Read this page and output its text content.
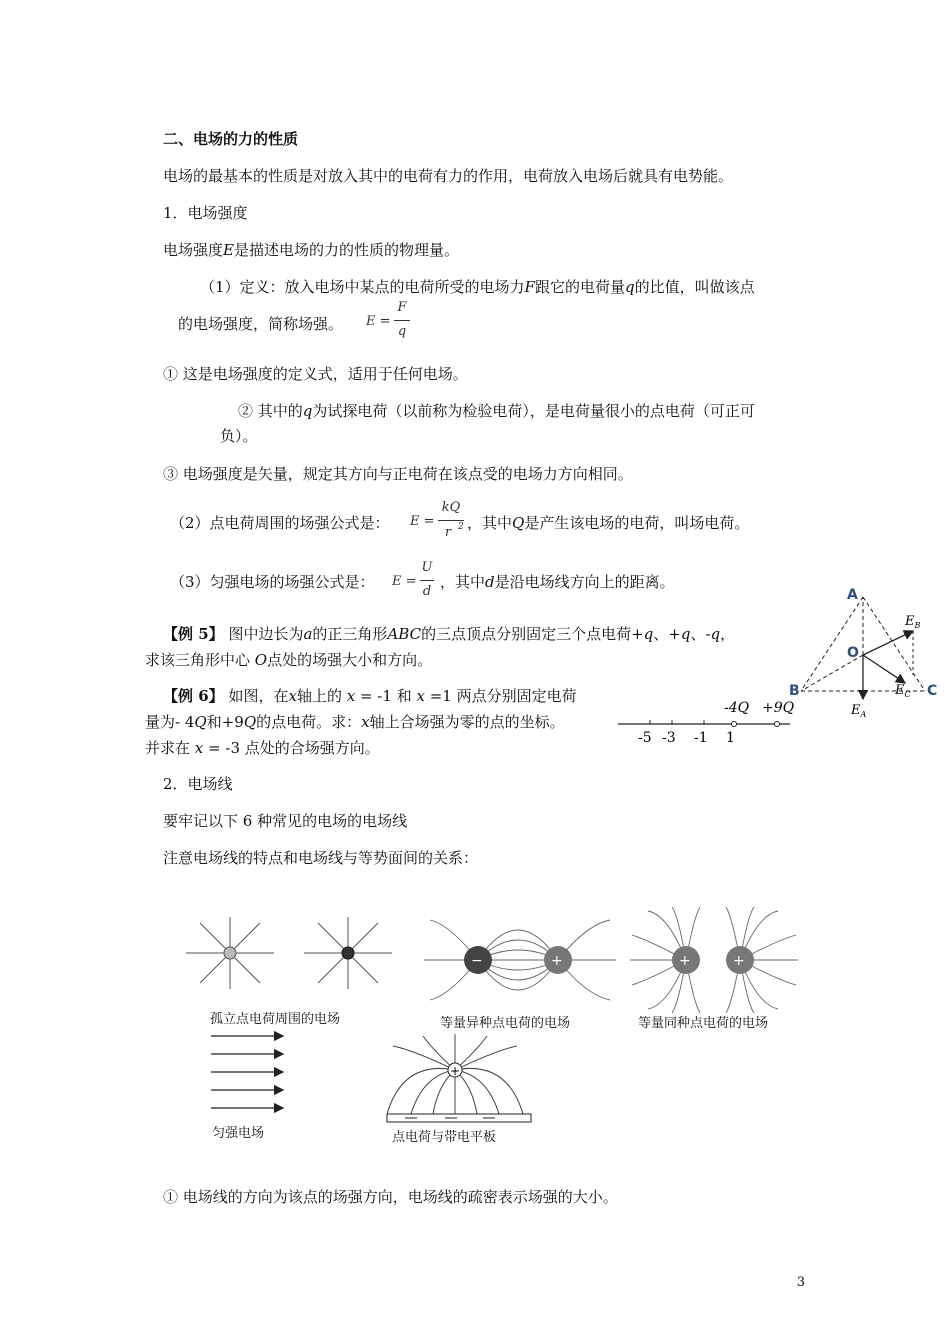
二、电场的力的性质
电场的最基本的性质是对放入其中的电荷有力的作用，电荷放入电场后就具有电势能。
1．电场强度
电场强度E是描述电场的力的性质的物理量。
（1）定义：放入电场中某点的电荷所受的电场力F跟它的电荷量q的比值，叫做该点
的电场强度，简称场强。 E =
F
q
① 这是电场强度的定义式，适用于任何电场。
② 其中的q为试探电荷（以前称为检验电荷），是电荷量很小的点电荷（可正可
负）。
③ 电场强度是矢量，规定其方向与正电荷在该点受的电场力方向相同。
（2）点电荷周围的场强公式是： E =
kQ
r 2 ，其中Q是产生该电场的电荷，叫场电荷。
（3）匀强电场的场强公式是： E =
U
d
，其中d是沿电场线方向上的距离。
【例 5】 图中边长为a的正三角形ABC的三点顶点分别固定三个点电荷+q、+q、-q，
求该三角形中心 O点处的场强大小和方向。
【例 6】 如图，在x轴上的 x = -1 和 x =1 两点分别固定电荷
量为- 4Q和+9Q的点电荷。求：x轴上合场强为零的点的坐标。
并求在 x = -3 点处的合场强方向。
-4Q +9Q
-5 -3 -1 1
A
B	C
O
$E_B$
$E_A$
$E_C$
2．电场线
要牢记以下 6 种常见的电场的电场线
注意电场线的特点和电场线与等势面间的关系：
孤立点电荷周围的电场
−	+
等量异种点电荷的电场
+	+
等量同种点电荷的电场
匀强电场
+
点电荷与带电平板
① 电场线的方向为该点的场强方向，电场线的疏密表示场强的大小。
3
